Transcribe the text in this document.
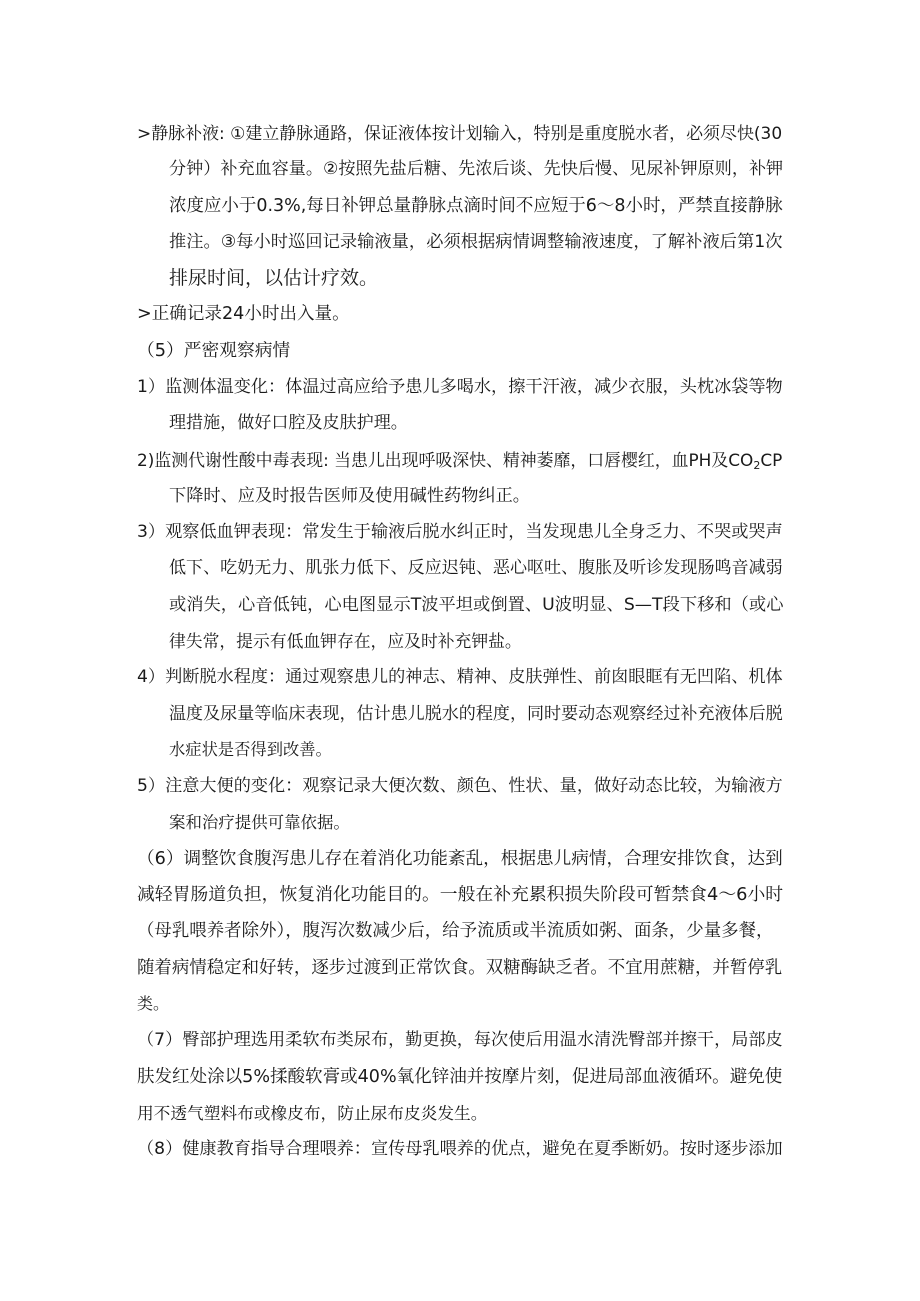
>静脉补液: ①建立静脉通路，保证液体按计划输入，特别是重度脱水者，必须尽快(30
分钟）补充血容量。②按照先盐后糖、先浓后谈、先快后慢、见尿补钾原则，补钾
浓度应小于0.3%,每日补钾总量静脉点滴时间不应短于6～8小时，严禁直接静脉
推注。③每小时巡回记录输液量，必须根据病情调整输液速度，了解补液后第1次
排尿时间，以估计疗效。
>正确记录24小时出入量。
（5）严密观察病情
1）监测体温变化：体温过高应给予患儿多喝水，擦干汗液，减少衣服，头枕冰袋等物
理措施，做好口腔及皮肤护理。
2)监测代谢性酸中毒表现: 当患儿出现呼吸深快、精神萎靡，口唇樱红，血PH及$CO_2CP$
下降时、应及时报告医师及使用碱性药物纠正。
3）观察低血钾表现：常发生于输液后脱水纠正时，当发现患儿全身乏力、不哭或哭声
低下、吃奶无力、肌张力低下、反应迟钝、恶心呕吐、腹胀及听诊发现肠鸣音减弱
或消失，心音低钝，心电图显示T波平坦或倒置、U波明显、S—T段下移和（或心
律失常，提示有低血钾存在，应及时补充钾盐。
4）判断脱水程度：通过观察患儿的神志、精神、皮肤弹性、前囱眼眶有无凹陷、机体
温度及尿量等临床表现，估计患儿脱水的程度，同时要动态观察经过补充液体后脱
水症状是否得到改善。
5）注意大便的变化：观察记录大便次数、颜色、性状、量，做好动态比较，为输液方
案和治疗提供可靠依据。
（6）调整饮食腹泻患儿存在着消化功能紊乱，根据患儿病情，合理安排饮食，达到
减轻胃肠道负担，恢复消化功能目的。一般在补充累积损失阶段可暂禁食4～6小时
（母乳喂养者除外），腹泻次数减少后，给予流质或半流质如粥、面条，少量多餐，
随着病情稳定和好转，逐步过渡到正常饮食。双糖酶缺乏者。不宜用蔗糖，并暂停乳
类。
（7）臀部护理选用柔软布类尿布，勤更换，每次使后用温水清洗臀部并擦干，局部皮
肤发红处涂以5%揉酸软膏或40%氧化锌油并按摩片刻，促进局部血液循环。避免使
用不透气塑料布或橡皮布，防止尿布皮炎发生。
（8）健康教育指导合理喂养：宣传母乳喂养的优点，避免在夏季断奶。按时逐步添加
